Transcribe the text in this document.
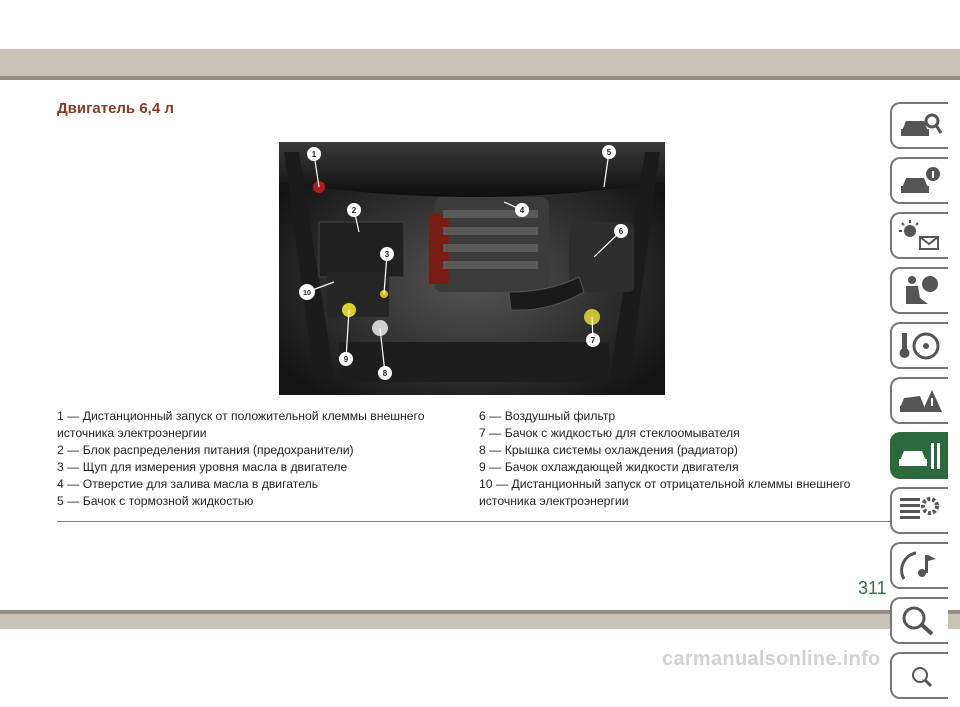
Двигатель 6,4 л
1	5
2	4
6
3
10
9
8
7

1 — Дистанционный запуск от положительной клеммы внешнего источника электроэнергии

2 — Блок распределения питания (предохранители)

3 — Щуп для измерения уровня масла в двигателе

4 — Отверстие для залива масла в двигатель

5 — Бачок с тормозной жидкостью

6 — Воздушный фильтр

7 — Бачок с жидкостью для стеклоомывателя

8 — Крышка системы охлаждения (радиатор)

9 — Бачок охлаждающей жидкости двигателя

10 — Дистанционный запуск от отрицательной клеммы внешнего источника электроэнергии

311
carmanualsonline.info
